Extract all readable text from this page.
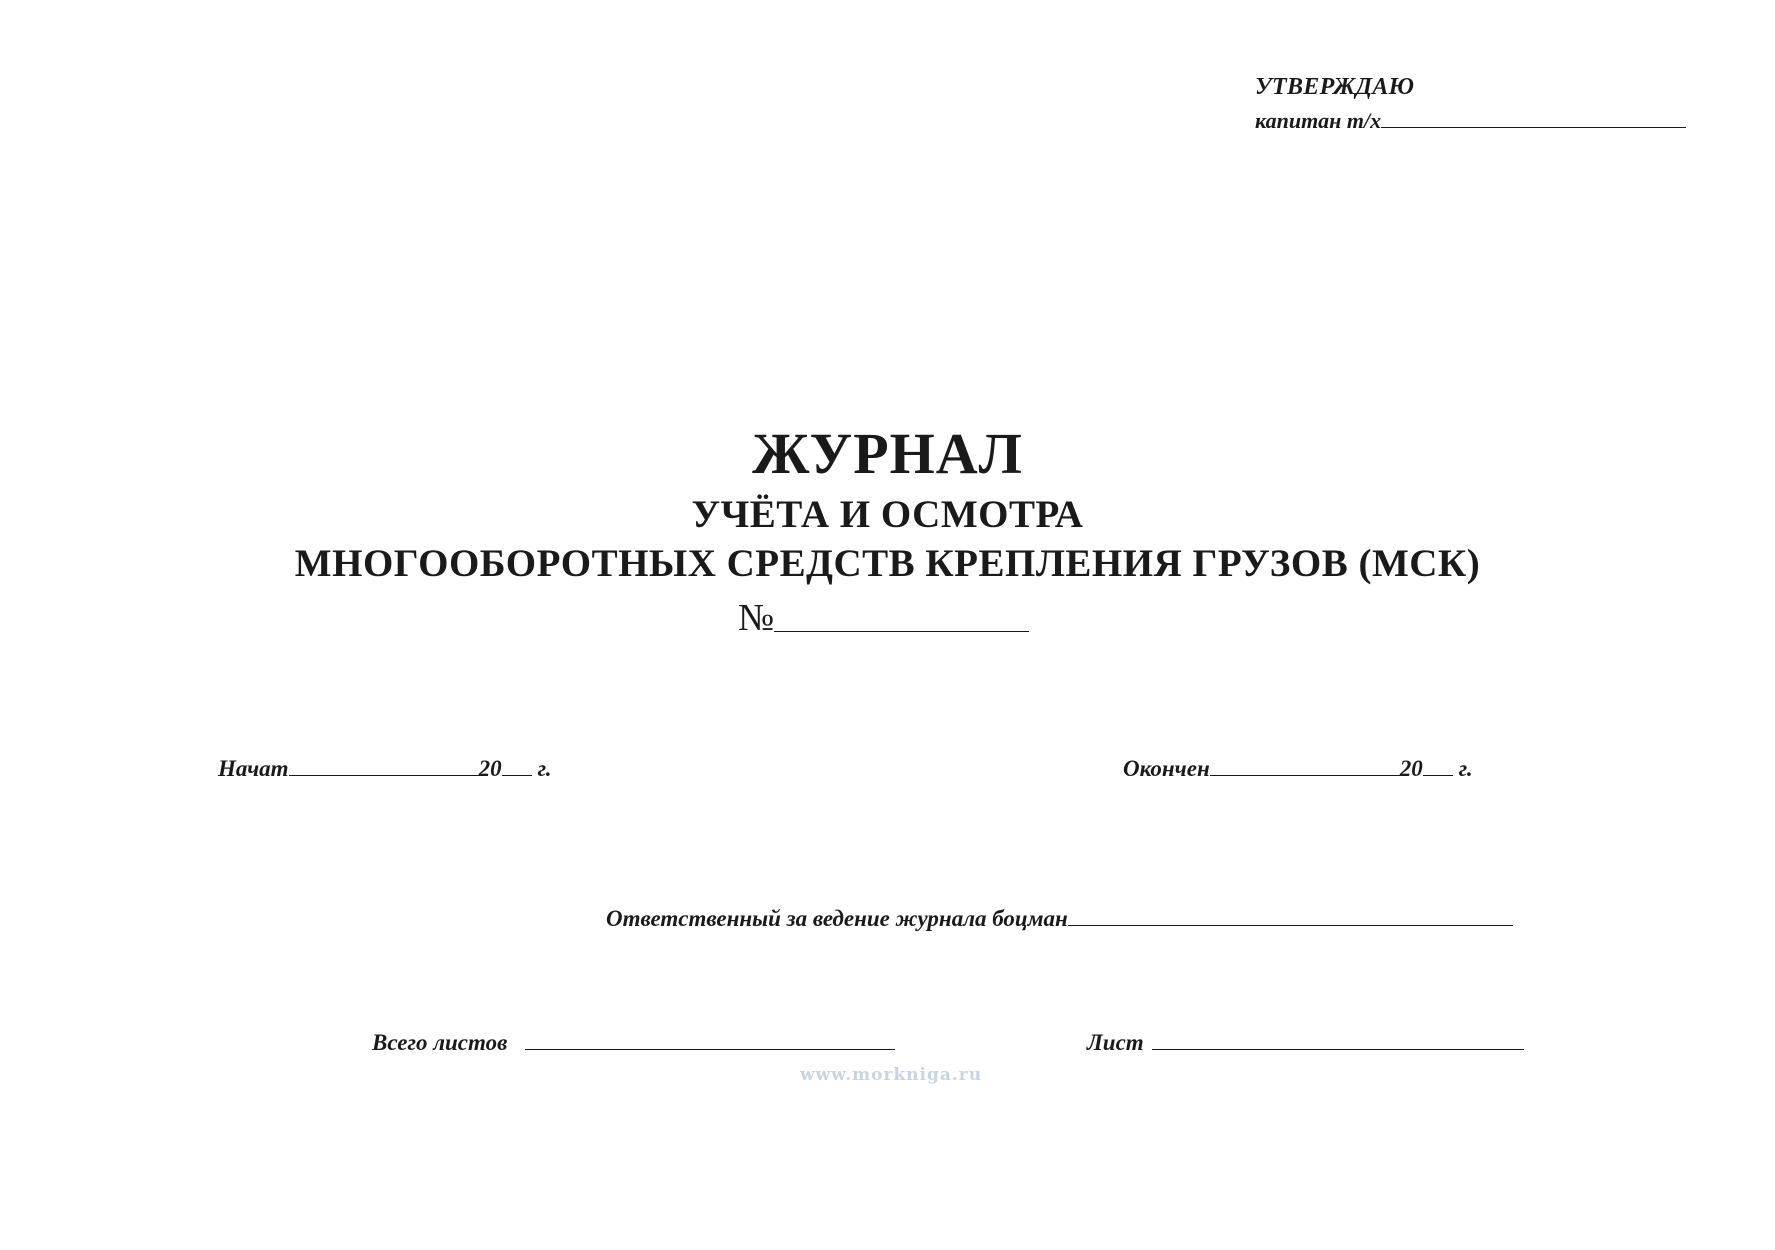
УТВЕРЖДАЮ
капитан т/х
ЖУРНАЛ
УЧЁТА И ОСМОТРА
МНОГООБОРОТНЫХ СРЕДСТВ КРЕПЛЕНИЯ ГРУЗОВ (МСК)
№
Начат	20 г.	Окончен	20 г.
Ответственный за ведение журнала боцман
Всего листов	Лист
www.morkniga.ru
